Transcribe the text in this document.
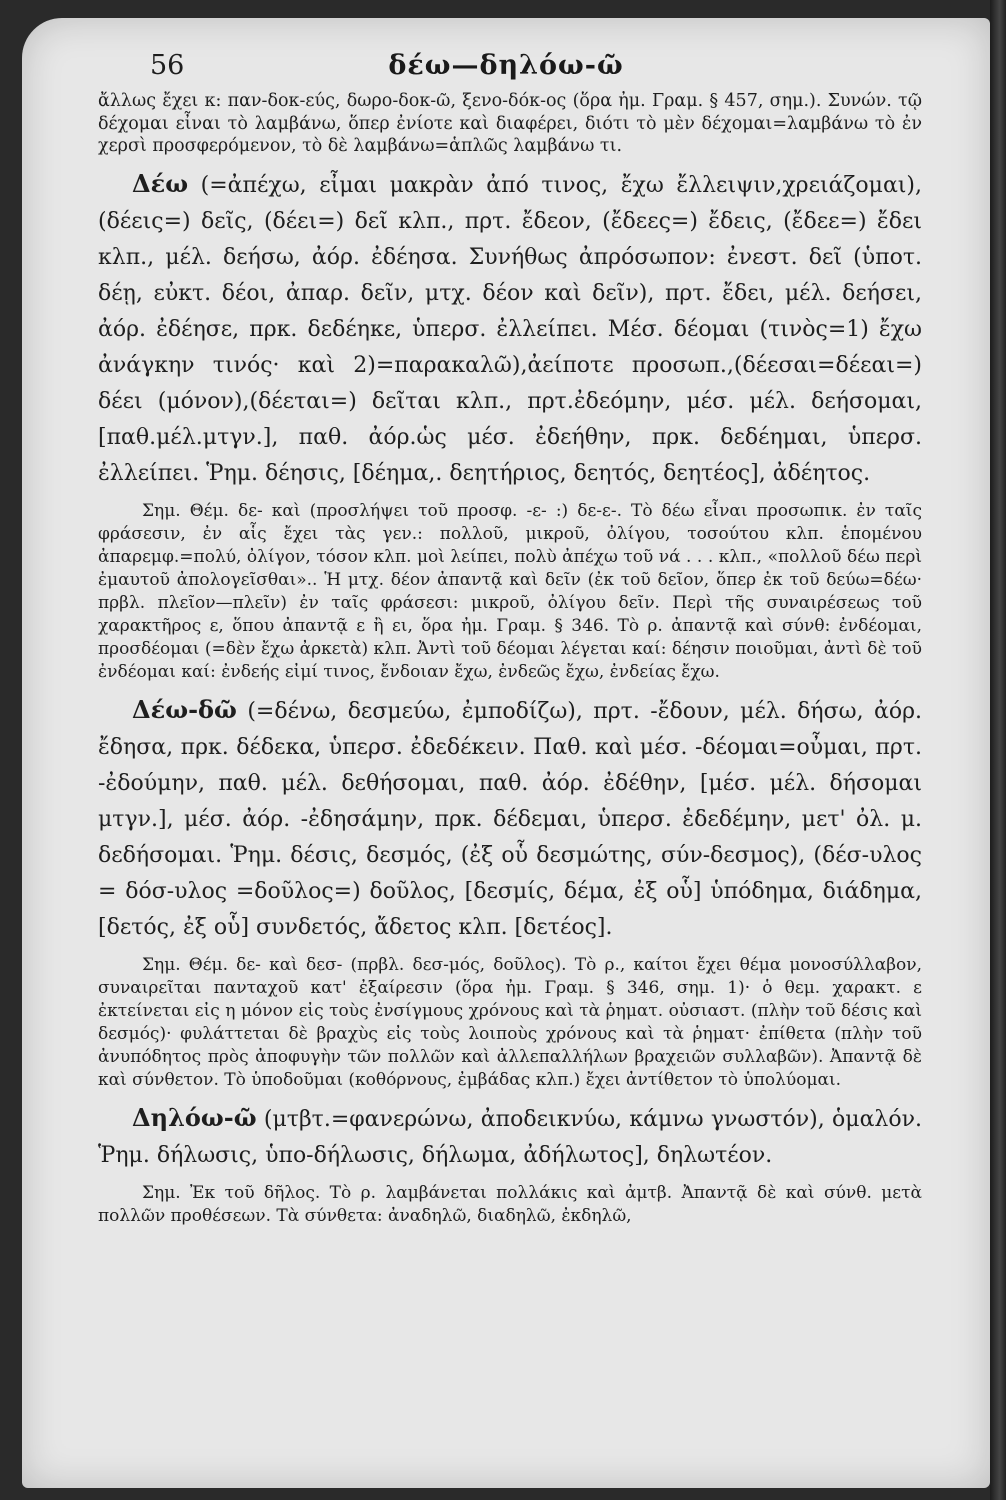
56	δέω—δηλόω-ῶ

ἄλλως ἔχει κ: παν-δοκ-εύς, δωρο-δοκ-ῶ, ξενο-δόκ-ος (ὅρα ἠμ. Γραμ. § 457, σημ.). Συνών. τῷ δέχομαι εἶναι τὸ λαμβάνω, ὅπερ ἐνίοτε καὶ διαφέρει, διότι τὸ μὲν δέχομαι=λαμβάνω τὸ ἐν χερσὶ προσφερόμενον, τὸ δὲ λαμβάνω=ἁπλῶς λαμβάνω τι.

Δέω (=ἀπέχω, εἶμαι μακρὰν ἀπό τινος, ἔχω ἔλλειψιν,χρειάζομαι), (δέεις=) δεῖς, (δέει=) δεῖ κλπ., πρτ. ἔδεον, (ἔδεες=) ἔδεις, (ἔδεε=) ἔδει κλπ., μέλ. δεήσω, ἀόρ. ἐδέησα. Συνήθως ἀπρόσωπον: ἐνεστ. δεῖ (ὑποτ. δέῃ, εὐκτ. δέοι, ἀπαρ. δεῖν, μτχ. δέον καὶ δεῖν), πρτ. ἔδει, μέλ. δεήσει, ἀόρ. ἐδέησε, πρκ. δεδέηκε, ὑπερσ. ἐλλείπει. Μέσ. δέομαι (τινὸς=1) ἔχω ἀνάγκην τινός· καὶ 2)=παρακαλῶ),ἀείποτε προσωπ.,(δέεσαι=δέεαι=) δέει (μόνον),(δέεται=) δεῖται κλπ., πρτ.ἐδεόμην, μέσ. μέλ. δεήσομαι, [παθ.μέλ.μτγν.], παθ. ἀόρ.ὡς μέσ. ἐδεήθην, πρκ. δεδέημαι, ὑπερσ. ἐλλείπει. Ῥημ. δέησις, [δέημα,. δεητήριος, δεητός, δεητέος], ἀδέητος.

Σημ. Θέμ. δε- καὶ (προσλήψει τοῦ προσφ. -ε- :) δε-ε-. Τὸ δέω εἶναι προσωπικ. ἐν ταῖς φράσεσιν, ἐν αἷς ἔχει τὰς γεν.: πολλοῦ, μικροῦ, ὀλίγου, τοσούτου κλπ. ἑπομένου ἀπαρεμφ.=πολύ, ὀλίγον, τόσον κλπ. μοὶ λείπει, πολὺ ἀπέχω τοῦ νά . . . κλπ., «πολλοῦ δέω περὶ ἐμαυτοῦ ἀπολογεῖσθαι».. Ἡ μτχ. δέον ἀπαντᾷ καὶ δεῖν (ἐκ τοῦ δεῖον, ὅπερ ἐκ τοῦ δεύω=δέω· πρβλ. πλεῖον—πλεῖν) ἐν ταῖς φράσεσι: μικροῦ, ὀλίγου δεῖν. Περὶ τῆς συναιρέσεως τοῦ χαρακτῆρος ε, ὅπου ἀπαντᾷ ε ἢ ει, ὅρα ἠμ. Γραμ. § 346. Τὸ ρ. ἀπαντᾷ καὶ σύνθ: ἐνδέομαι, προσδέομαι (=δὲν ἔχω ἀρκετὰ) κλπ. Ἀντὶ τοῦ δέομαι λέγεται καί: δέησιν ποιοῦμαι, ἀντὶ δὲ τοῦ ἐνδέομαι καί: ἐνδεής εἰμί τινος, ἔνδοιαν ἔχω, ἐνδεῶς ἔχω, ἐνδείας ἔχω.

Δέω-δῶ (=δένω, δεσμεύω, ἐμποδίζω), πρτ. -ἔδουν, μέλ. δήσω, ἀόρ. ἔδησα, πρκ. δέδεκα, ὑπερσ. ἐδεδέκειν. Παθ. καὶ μέσ. -δέομαι=οὖμαι, πρτ. -ἐδούμην, παθ. μέλ. δεθήσομαι, παθ. ἀόρ. ἐδέθην, [μέσ. μέλ. δήσομαι μτγν.], μέσ. ἀόρ. -ἐδησάμην, πρκ. δέδεμαι, ὑπερσ. ἐδεδέμην, μετ' ὀλ. μ. δεδήσομαι. Ῥημ. δέσις, δεσμός, (ἐξ οὗ δεσμώτης, σύν-δεσμος), (δέσ-υλος = δόσ-υλος =δοῦλος=) δοῦλος, [δεσμίς, δέμα, ἐξ οὗ] ὑπόδημα, διάδημα, [δετός, ἐξ οὗ] συνδετός, ἄδετος κλπ. [δετέος].

Σημ. Θέμ. δε- καὶ δεσ- (πρβλ. δεσ-μός, δοῦλος). Τὸ ρ., καίτοι ἔχει θέμα μονοσύλλαβον, συναιρεῖται πανταχοῦ κατ' ἐξαίρεσιν (ὅρα ἠμ. Γραμ. § 346, σημ. 1)· ὁ θεμ. χαρακτ. ε ἐκτείνεται εἰς η μόνον εἰς τοὺς ἐνσίγμους χρόνους καὶ τὰ ῥηματ. οὐσιαστ. (πλὴν τοῦ δέσις καὶ δεσμός)· φυλάττεται δὲ βραχὺς εἰς τοὺς λοιποὺς χρόνους καὶ τὰ ῥηματ· ἐπίθετα (πλὴν τοῦ ἀνυπόδητος πρὸς ἀποφυγὴν τῶν πολλῶν καὶ ἀλλεπαλλήλων βραχειῶν συλλαβῶν). Ἀπαντᾷ δὲ καὶ σύνθετον. Τὸ ὑποδοῦμαι (κοθόρνους, ἐμβάδας κλπ.) ἔχει ἀντίθετον τὸ ὑπολύομαι.

Δηλόω-ῶ (μτβτ.=φανερώνω, ἀποδεικνύω, κάμνω γνωστόν), ὁμαλόν. Ῥημ. δήλωσις, ὑπο-δήλωσις, δήλωμα, ἀδήλωτος], δηλωτέον.

Σημ. Ἐκ τοῦ δῆλος. Τὸ ρ. λαμβάνεται πολλάκις καὶ ἀμτβ. Ἀπαντᾷ δὲ καὶ σύνθ. μετὰ πολλῶν προθέσεων. Τὰ σύνθετα: ἀναδηλῶ, διαδηλῶ, ἐκδηλῶ,
